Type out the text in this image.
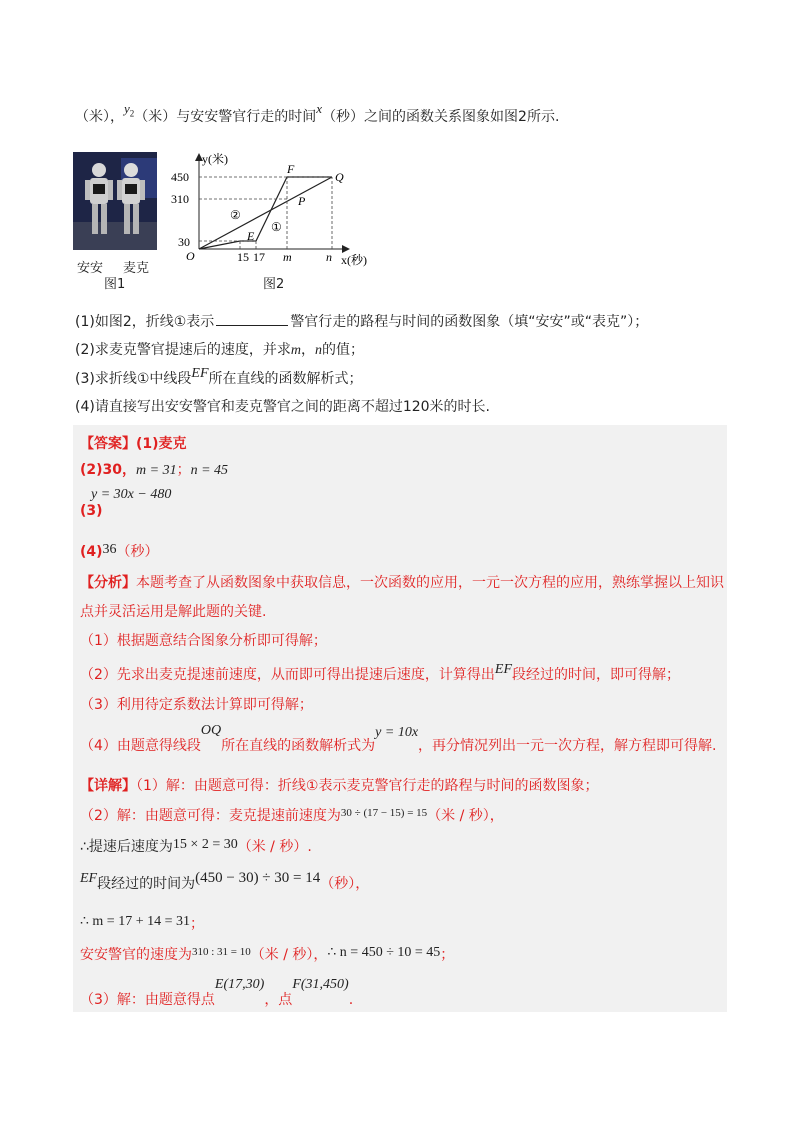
（米），$y_2$（米）与安安警官行走的时间x（秒）之间的函数关系图象如图2所示.
安安 麦克
图1
y(米)
x(秒)
O
450
310
30
15 17 m	n
F
Q
P
E
②
①
图2
(1)如图2，折线①表示	警官行走的路程与时间的函数图象（填“安安”或“表克”）；
(2)求麦克警官提速后的速度，并求m，n的值；
(3)求折线①中线段EF所在直线的函数解析式；
(4)请直接写出安安警官和麦克警官之间的距离不超过120米的时长.
【答案】(1)麦克
(2)30，m = 31；n = 45
y = 30x − 480
(3)
(4)36（秒）
【分析】本题考查了从函数图象中获取信息，一次函数的应用，一元一次方程的应用，熟练掌握以上知识
点并灵活运用是解此题的关键.
（1）根据题意结合图象分析即可得解；
（2）先求出麦克提速前速度，从而即可得出提速后速度，计算得出EF段经过的时间，即可得解；
（3）利用待定系数法计算即可得解；
（4）由题意得线段OQ所在直线的函数解析式为y = 10x，再分情况列出一元一次方程，解方程即可得解.
【详解】（1）解：由题意可得：折线①表示麦克警官行走的路程与时间的函数图象；
（2）解：由题意可得：麦克提速前速度为$^{30 \div (17 - 15) = 15}$（米 / 秒），
∴提速后速度为15 × 2 = 30（米 / 秒）.
EF段经过的时间为(450 − 30) ÷ 30 = 14（秒），
∴ m = 17 + 14 = 31；
安安警官的速度为$^{310 : 31 = 10}$（米 / 秒），∴ n = 450 ÷ 10 = 45；
（3）解：由题意得点E(17,30)，点F(31,450).
